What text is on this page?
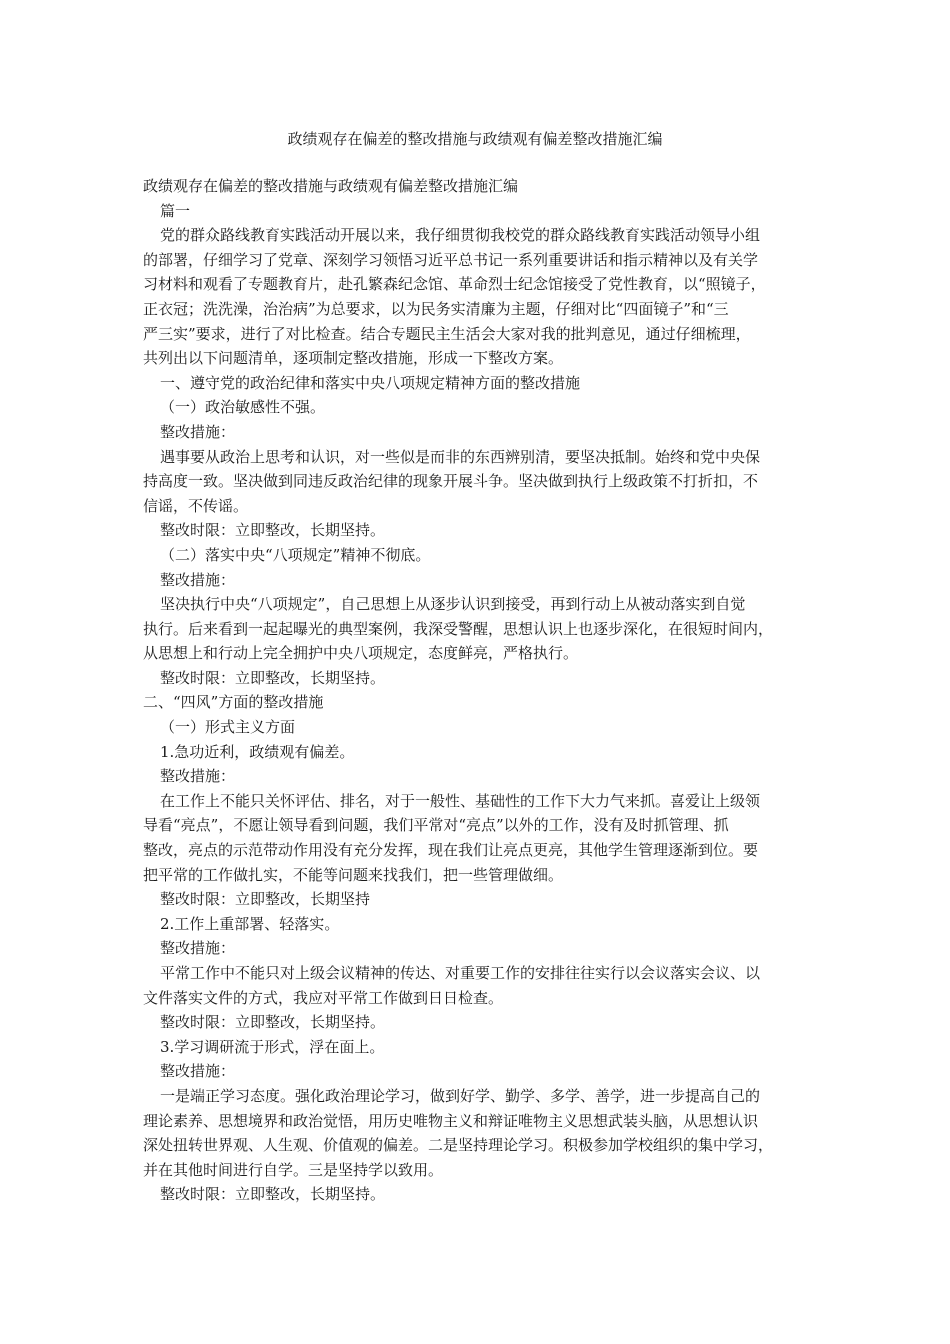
政绩观存在偏差的整改措施与政绩观有偏差整改措施汇编

政绩观存在偏差的整改措施与政绩观有偏差整改措施汇编

篇一

党的群众路线教育实践活动开展以来，我仔细贯彻我校党的群众路线教育实践活动领导小组

的部署，仔细学习了党章、深刻学习领悟习近平总书记一系列重要讲话和指示精神以及有关学

习材料和观看了专题教育片，赴孔繁森纪念馆、革命烈士纪念馆接受了党性教育，以“照镜子，

正衣冠；洗洗澡，治治病”为总要求，以为民务实清廉为主题，仔细对比“四面镜子”和“三

严三实”要求，进行了对比检查。结合专题民主生活会大家对我的批判意见，通过仔细梳理，

共列出以下问题清单，逐项制定整改措施，形成一下整改方案。

一、遵守党的政治纪律和落实中央八项规定精神方面的整改措施

（一）政治敏感性不强。

整改措施：

遇事要从政治上思考和认识，对一些似是而非的东西辨别清，要坚决抵制。始终和党中央保

持高度一致。坚决做到同违反政治纪律的现象开展斗争。坚决做到执行上级政策不打折扣，不

信谣，不传谣。

整改时限：立即整改，长期坚持。

（二）落实中央“八项规定”精神不彻底。

整改措施：

坚决执行中央“八项规定”，自己思想上从逐步认识到接受，再到行动上从被动落实到自觉

执行。后来看到一起起曝光的典型案例，我深受警醒，思想认识上也逐步深化，在很短时间内，

从思想上和行动上完全拥护中央八项规定，态度鲜亮，严格执行。

整改时限：立即整改，长期坚持。

二、“四风”方面的整改措施

（一）形式主义方面

1.急功近利，政绩观有偏差。

整改措施：

在工作上不能只关怀评估、排名，对于一般性、基础性的工作下大力气来抓。喜爱让上级领

导看“亮点”，不愿让领导看到问题，我们平常对“亮点”以外的工作，没有及时抓管理、抓

整改，亮点的示范带动作用没有充分发挥，现在我们让亮点更亮，其他学生管理逐渐到位。要

把平常的工作做扎实，不能等问题来找我们，把一些管理做细。

整改时限：立即整改，长期坚持

2.工作上重部署、轻落实。

整改措施：

平常工作中不能只对上级会议精神的传达、对重要工作的安排往往实行以会议落实会议、以

文件落实文件的方式，我应对平常工作做到日日检查。

整改时限：立即整改，长期坚持。

3.学习调研流于形式，浮在面上。

整改措施：

一是端正学习态度。强化政治理论学习，做到好学、勤学、多学、善学，进一步提高自己的

理论素养、思想境界和政治觉悟，用历史唯物主义和辩证唯物主义思想武装头脑，从思想认识

深处扭转世界观、人生观、价值观的偏差。二是坚持理论学习。积极参加学校组织的集中学习，

并在其他时间进行自学。三是坚持学以致用。

整改时限：立即整改，长期坚持。
